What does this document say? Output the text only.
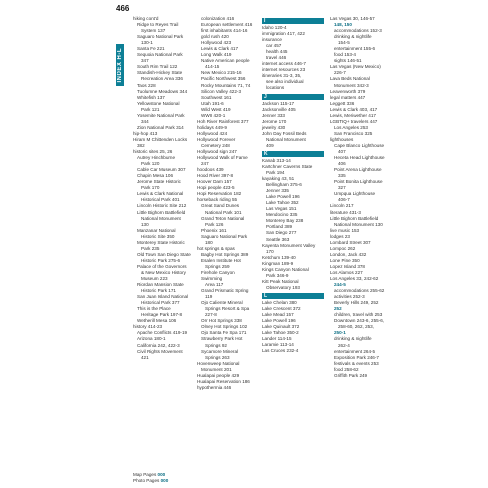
466
INDEX H-L
hiking cont'd
Ridge to Reyes Trail
System 137
Saguaro National Park
130-1
Santa Fe 221
Sequoia National Park
347
South Rim Trail 122
Standish-Hickey State
Recreation Area 336
Taos 228
Tuolumne Meadows 344
Whitefish 137
Yellowstone National
Park 121
Yosemite National Park
344
Zion National Park 314
hip-hop 413
Hiram M Chittenden Locks
382
historic sites 25, 26
Autrey Hinchburne
Park 120
Cable Car Museum 307
Chapin Mesa 106
Jerome State Historic
Park 170
Lewis & Clark National
Historical Park 401
Lincoln Historic Site 212
Little Bighorn Battlefield
National Monument
130
Manzanar National
Historic Site 350
Monterey State Historic
Park 235
Old Town San Diego State
Historic Park 275-6
Palace of the Governors
& New Mexico History
Museum 223
Riordan Mansion State
Historic Park 171
San Juan Island National
Historical Park 377
This is the Place
Heritage Park 197-8
Wetherill Mesa 106
history 414-23
Apache Conflicts 419-19
Arizona 180-1
California 242, 422-3
Civil Rights Movement
421
colonization 416
European settlement 416
first inhabitants 414-16
gold rush 420
Hollywood 423
Lewis & Clark 417
Long Walk 419
Native American people
414-15
New Mexico 215-16
Pacific Northwest 356
Rocky Mountains 71, 74
Silicon Valley 422-3
Southwest 161
Utah 191-6
Wild West 419
WWII 420-1
Hoh River Rainforest 377
holidays 449-9
Hollywood 424
Hollywood Forever
Cemetery 248
Hollywood sign 247
Hollywood Walk of Fame
247
hoodoos 439
Hood River 397-8
Hoover Dam 157
Hopi people 423-5
Hopi Reservation 182
horseback riding 55
Great Sand Dunes
National Park 101
Grand Teton National
Park 126
Phoenix 161
Saguaro National Park
180
hot springs & spas
Bagby Hot Springs 389
Esalen Institute Hot
Springs 259
Firehole Canyon Swimming
Area 117
Grand Prismatic Spring
119
Ojo Caliente Mineral
Springs Resort & Spa
227-8
Orr Hot Springs 338
Olney Hot Springs 102
Ojo Santa Fe Spa 171
Strawberry Park Hot
Springs 92
Sycamore Mineral
Springs 263
Hovenweep National
Monument 201
Hualapai people 429
Hualapai Reservation 186
hypothermia 446
I
Idaho 120-4
immigration 417, 422
insurance
car 457
health 445
travel 446
internet access 446-7
internet resources 23
itineraries 31-3, 35,
see also individual
locations
J
Jackson 115-17
Jacksonville 405
Jenner 333
Jerome 170
jewelry 430
John Day Fossil Beds
National Monument
409
K
Kanab 313-14
Kartchner Caverns State
Park 194
kayaking 43, 51
Bellingham 375-6
Jenner 335
Lake Powell 196
Lake Tahoe 352
Las Vegas 151
Mendocino 335
Monterey Bay 238
Portland 389
San Diego 277
Seattle 363
Kayenta Monument Valley
170
Ketchum 139-40
Kingman 189-9
Kings Canyon National
Park 346-9
Kitt Peak National
Observatory 193
L
Lake Chelan 380
Lake Crescent 372
Lake Mead 157
Lake Powell 196
Lake Quinault 372
Lake Tahoe 350-2
Lander 114-15
Laramie 113-14
Las Cruces 232-4
Las Vegas 30, 146-57
148, 150
accommodations 152-3
drinking & nightlife
154-5
entertainment 155-6
food 153-4
sights 146-51
Las Vegas (New Mexico)
226-7
Lava Beds National
Monument 342-3
Leavenworth 379
legal matters 447
Leggett 336
Lewis & Clark 403, 417
Lewis, Meriwether 417
LGBTIQ+ travelers 447
Los Angeles 253
San Francisco 325
lighthouses
Cape Blanco Lighthouse
407
Heceta Head Lighthouse
406
Point Arena Lighthouse
335
Point Bonita Lighthouse
327
Umpqua Lighthouse
406-7
Lincoln 217
literature 431-3
Little Bighorn Battlefield
National Monument 130
live music 153
lodges 23
Lombard Street 307
Lompoc 262
London, Jack 432
Lone Pine 350
Lopez Island 378
Los Alamos 227
Los Angeles 33, 242-62
244-5
accommodations 255-62
activities 252-3
Beverly Hills 249, 252
252
children, travel with 253
Downtown 243-6, 255-6,
258-60, 262, 253,
250-1
drinking & nightlife
262-4
entertainment 264-5
Exposition Park 246-7
festivals & events 253
food 258-62
Griffith Park 249
Map Pages 000
Photo Pages 000
